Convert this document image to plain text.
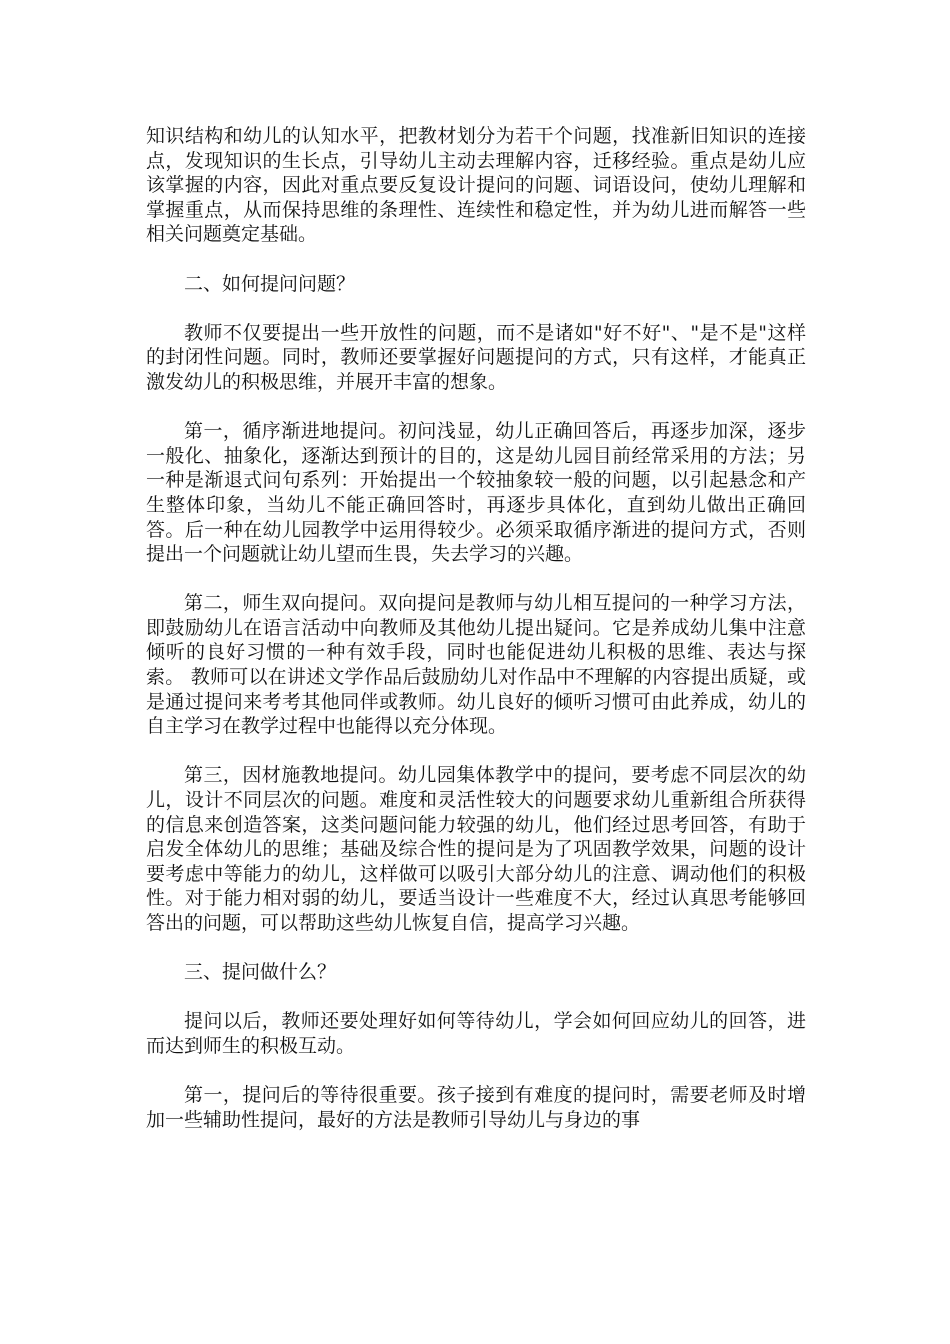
知识结构和幼儿的认知水平，把教材划分为若干个问题，找准新旧知识的连接点，发现知识的生长点，引导幼儿主动去理解内容，迁移经验。重点是幼儿应该掌握的内容，因此对重点要反复设计提问的问题、词语设问，使幼儿理解和掌握重点，从而保持思维的条理性、连续性和稳定性，并为幼儿进而解答一些相关问题奠定基础。

二、如何提问问题？

教师不仅要提出一些开放性的问题，而不是诸如"好不好"、"是不是"这样的封闭性问题。同时，教师还要掌握好问题提问的方式，只有这样，才能真正激发幼儿的积极思维，并展开丰富的想象。

第一，循序渐进地提问。初问浅显，幼儿正确回答后，再逐步加深，逐步一般化、抽象化，逐渐达到预计的目的，这是幼儿园目前经常采用的方法；另一种是渐退式问句系列：开始提出一个较抽象较一般的问题，以引起悬念和产生整体印象，当幼儿不能正确回答时，再逐步具体化，直到幼儿做出正确回答。后一种在幼儿园教学中运用得较少。必须采取循序渐进的提问方式，否则提出一个问题就让幼儿望而生畏，失去学习的兴趣。

第二，师生双向提问。双向提问是教师与幼儿相互提问的一种学习方法，即鼓励幼儿在语言活动中向教师及其他幼儿提出疑问。它是养成幼儿集中注意倾听的良好习惯的一种有效手段，同时也能促进幼儿积极的思维、表达与探索。 教师可以在讲述文学作品后鼓励幼儿对作品中不理解的内容提出质疑，或是通过提问来考考其他同伴或教师。幼儿良好的倾听习惯可由此养成，幼儿的自主学习在教学过程中也能得以充分体现。

第三，因材施教地提问。幼儿园集体教学中的提问，要考虑不同层次的幼儿，设计不同层次的问题。难度和灵活性较大的问题要求幼儿重新组合所获得的信息来创造答案，这类问题问能力较强的幼儿，他们经过思考回答，有助于启发全体幼儿的思维；基础及综合性的提问是为了巩固教学效果，问题的设计要考虑中等能力的幼儿，这样做可以吸引大部分幼儿的注意、调动他们的积极性。对于能力相对弱的幼儿，要适当设计一些难度不大，经过认真思考能够回答出的问题，可以帮助这些幼儿恢复自信，提高学习兴趣。

三、提问做什么？

提问以后，教师还要处理好如何等待幼儿，学会如何回应幼儿的回答，进而达到师生的积极互动。

第一，提问后的等待很重要。孩子接到有难度的提问时，需要老师及时增加一些辅助性提问，最好的方法是教师引导幼儿与身边的事
